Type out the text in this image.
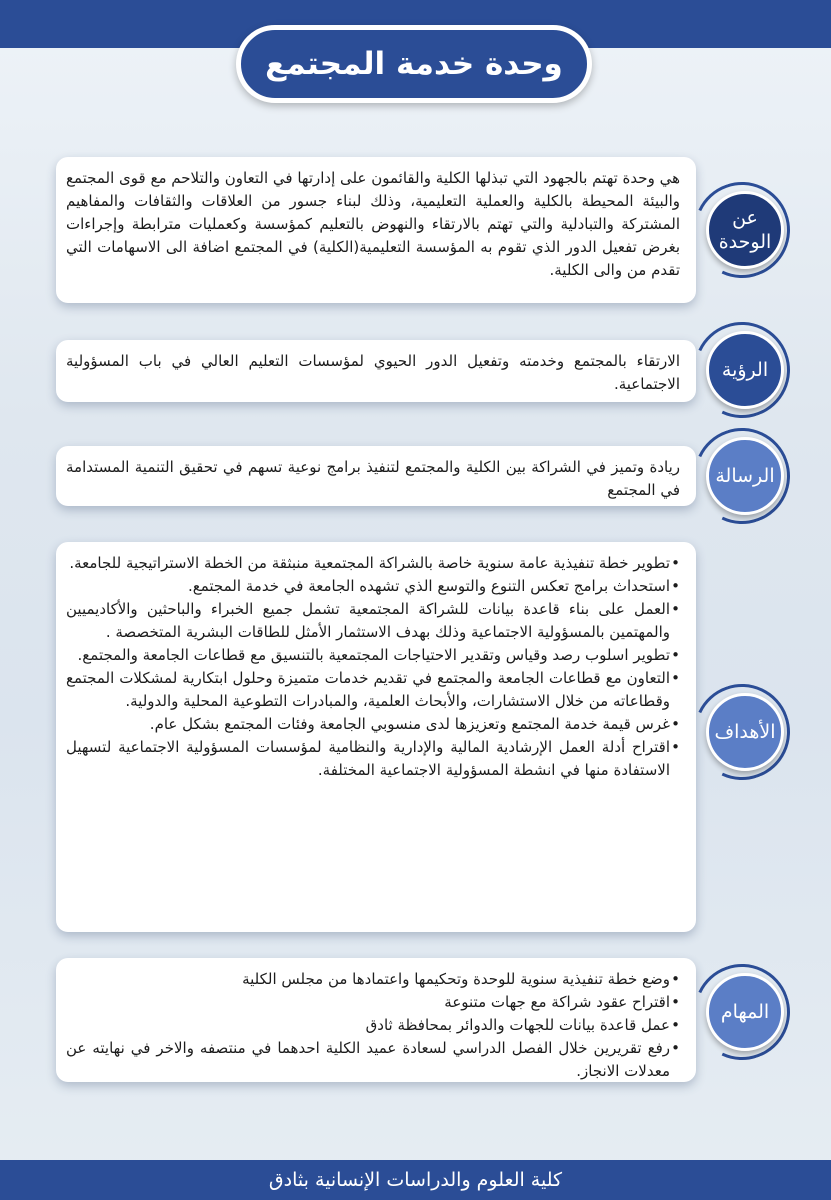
وحدة خدمة المجتمع

هي وحدة تهتم بالجهود التي تبذلها الكلية والقائمون على إدارتها في التعاون والتلاحم مع قوى المجتمع والبيئة المحيطة بالكلية والعملية التعليمية، وذلك لبناء جسور من العلاقات والثقافات والمفاهيم المشتركة والتبادلية والتي تهتم بالارتقاء والنهوض بالتعليم كمؤسسة وكعمليات مترابطة وإجراءات بغرض تفعيل الدور الذي تقوم به المؤسسة التعليمية(الكلية) في المجتمع اضافة الى الاسهامات التي تقدم من والى الكلية.

عن الوحدة

الارتقاء بالمجتمع وخدمته وتفعيل الدور الحيوي لمؤسسات التعليم العالي في باب المسؤولية الاجتماعية.

الرؤية

ريادة وتميز في الشراكة بين الكلية والمجتمع لتنفيذ برامج نوعية تسهم في تحقيق التنمية المستدامة في المجتمع

الرسالة
• تطوير خطة تنفيذية عامة سنوية خاصة بالشراكة المجتمعية منبثقة من الخطة الاستراتيجية للجامعة.
• استحداث برامج تعكس التنوع والتوسع الذي تشهده الجامعة في خدمة المجتمع.
• العمل على بناء قاعدة بيانات للشراكة المجتمعية تشمل جميع الخبراء والباحثين والأكاديميين والمهتمين بالمسؤولية الاجتماعية وذلك بهدف الاستثمار الأمثل للطاقات البشرية المتخصصة .
• تطوير اسلوب رصد وقياس وتقدير الاحتياجات المجتمعية بالتنسيق مع قطاعات الجامعة والمجتمع.
• التعاون مع قطاعات الجامعة والمجتمع في تقديم خدمات متميزة وحلول ابتكارية لمشكلات المجتمع وقطاعاته من خلال الاستشارات، والأبحاث العلمية، والمبادرات التطوعية المحلية والدولية.
• غرس قيمة خدمة المجتمع وتعزيزها لدى منسوبي الجامعة وفئات المجتمع بشكل عام.
• اقتراح أدلة العمل الإرشادية المالية والإدارية والنظامية لمؤسسات المسؤولية الاجتماعية لتسهيل الاستفادة منها في انشطة المسؤولية الاجتماعية المختلفة.
الأهداف
• وضع خطة تنفيذية سنوية للوحدة وتحكيمها واعتمادها من مجلس الكلية
• اقتراح عقود شراكة مع جهات متنوعة
• عمل قاعدة بيانات للجهات والدوائر بمحافظة ثادق
• رفع تقريرين خلال الفصل الدراسي لسعادة عميد الكلية احدهما في منتصفه والاخر في نهايته عن معدلات الانجاز.
المهام
كلية العلوم والدراسات الإنسانية بثادق
